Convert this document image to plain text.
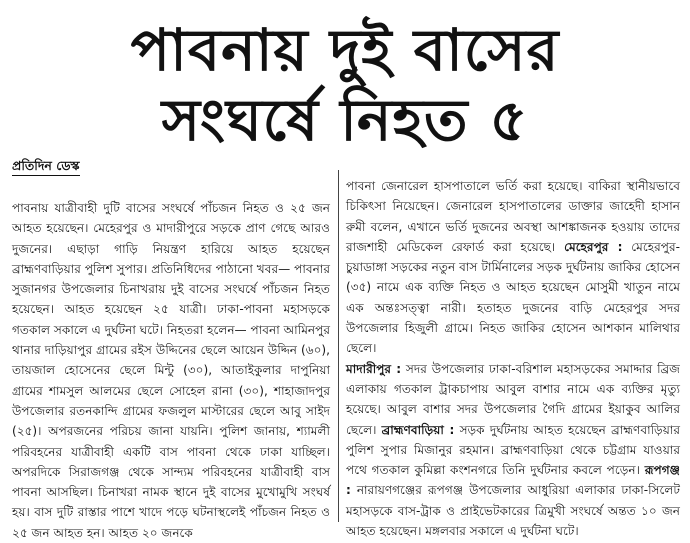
পাবনায় দুই বাসের
সংঘর্ষে নিহত ৫
প্রতিদিন ডেস্ক

পাবনায় যাত্রীবাহী দুটি বাসের সংঘর্ষে পাঁচজন নিহত ও ২৫ জন আহত হয়েছেন। মেহেরপুর ও মাদারীপুরে সড়কে প্রাণ গেছে আরও দুজনের। এছাড়া গাড়ি নিয়ন্ত্রণ হারিয়ে আহত হয়েছেন ব্রাহ্মণবাড়িয়ার পুলিশ সুপার। প্রতিনিধিদের পাঠানো খবর— পাবনার সুজানগর উপজেলার চিনাখরায় দুই বাসের সংঘর্ষে পাঁচজন নিহত হয়েছেন। আহত হয়েছেন ২৫ যাত্রী। ঢাকা-পাবনা মহাসড়কে গতকাল সকালে এ দুর্ঘটনা ঘটে। নিহতরা হলেন— পাবনা আমিনপুর থানার দাড়িয়াপুর গ্রামের রইস উদ্দিনের ছেলে আয়েন উদ্দিন (৬০), তায়জাল হোসেনের ছেলে মিন্টু (৩০), আতাইকুলার দাপুনিয়া গ্রামের শামসুল আলমের ছেলে সোহেল রানা (৩০), শাহাজাদপুর উপজেলার রতনকান্দি গ্রামের ফজলুল মাস্টারের ছেলে আবু সাইদ (২৫)। অপরজনের পরিচয় জানা যায়নি। পুলিশ জানায়, শ্যামলী পরিবহনের যাত্রীবাহী একটি বাস পাবনা থেকে ঢাকা যাচ্ছিল। অপরদিকে সিরাজগঞ্জ থেকে সান্দ্যম পরিবহনের যাত্রীবাহী বাস পাবনা আসছিল। চিনাখরা নামক স্থানে দুই বাসের মুখোমুখি সংঘর্ষ হয়। বাস দুটি রাস্তার পাশে খাদে পড়ে ঘটনাস্থলেই পাঁচজন নিহত ও ২৫ জন আহত হন। আহত ২০ জনকে

পাবনা জেনারেল হাসপাতালে ভর্তি করা হয়েছে। বাকিরা স্থানীয়ভাবে চিকিৎসা নিয়েছেন। জেনারেল হাসপাতালের ডাক্তার জাহেদী হাসান রুমী বলেন, এখানে ভর্তি দুজনের অবস্থা আশঙ্কাজনক হওয়ায় তাদের রাজশাহী মেডিকেল রেফার্ড করা হয়েছে। মেহেরপুর : মেহেরপুর-চুয়াডাঙ্গা সড়কের নতুন বাস টার্মিনালের সড়ক দুর্ঘটনায় জাকির হোসেন (৩৫) নামে এক ব্যক্তি নিহত ও আহত হয়েছেন মোসুমী খাতুন নামে এক অন্তঃসত্ত্বা নারী। হতাহত দুজনের বাড়ি মেহেরপুর সদর উপজেলার হিজুলী গ্রামে। নিহত জাকির হোসেন আশকান মালিথার ছেলে।

মাদারীপুর : সদর উপজেলার ঢাকা-বরিশাল মহাসড়কের সমাদ্দার ব্রিজ এলাকায় গতকাল ট্রাকচাপায় আবুল বাশার নামে এক ব্যক্তির মৃত্যু হয়েছে। আবুল বাশার সদর উপজেলার গৈদি গ্রামের ইয়াকুব আলির ছেলে। ব্রাহ্মণবাড়িয়া : সড়ক দুর্ঘটনায় আহত হয়েছেন ব্রাহ্মণবাড়িয়ার পুলিশ সুপার মিজানুর রহমান। ব্রাহ্মণবাড়িয়া থেকে চট্টগ্রাম যাওয়ার পথে গতকাল কুমিল্লা কংশনগরে তিনি দুর্ঘটনার কবলে পড়েন। রূপগঞ্জ : নারায়ণগঞ্জের রূপগঞ্জ উপজেলার আধুরিয়া এলাকার ঢাকা-সিলেট মহাসড়কে বাস-ট্রাক ও প্রাইভেটকারের ত্রিমুখী সংঘর্ষে অন্তত ১০ জন আহত হয়েছেন। মঙ্গলবার সকালে এ দুর্ঘটনা ঘটে।
